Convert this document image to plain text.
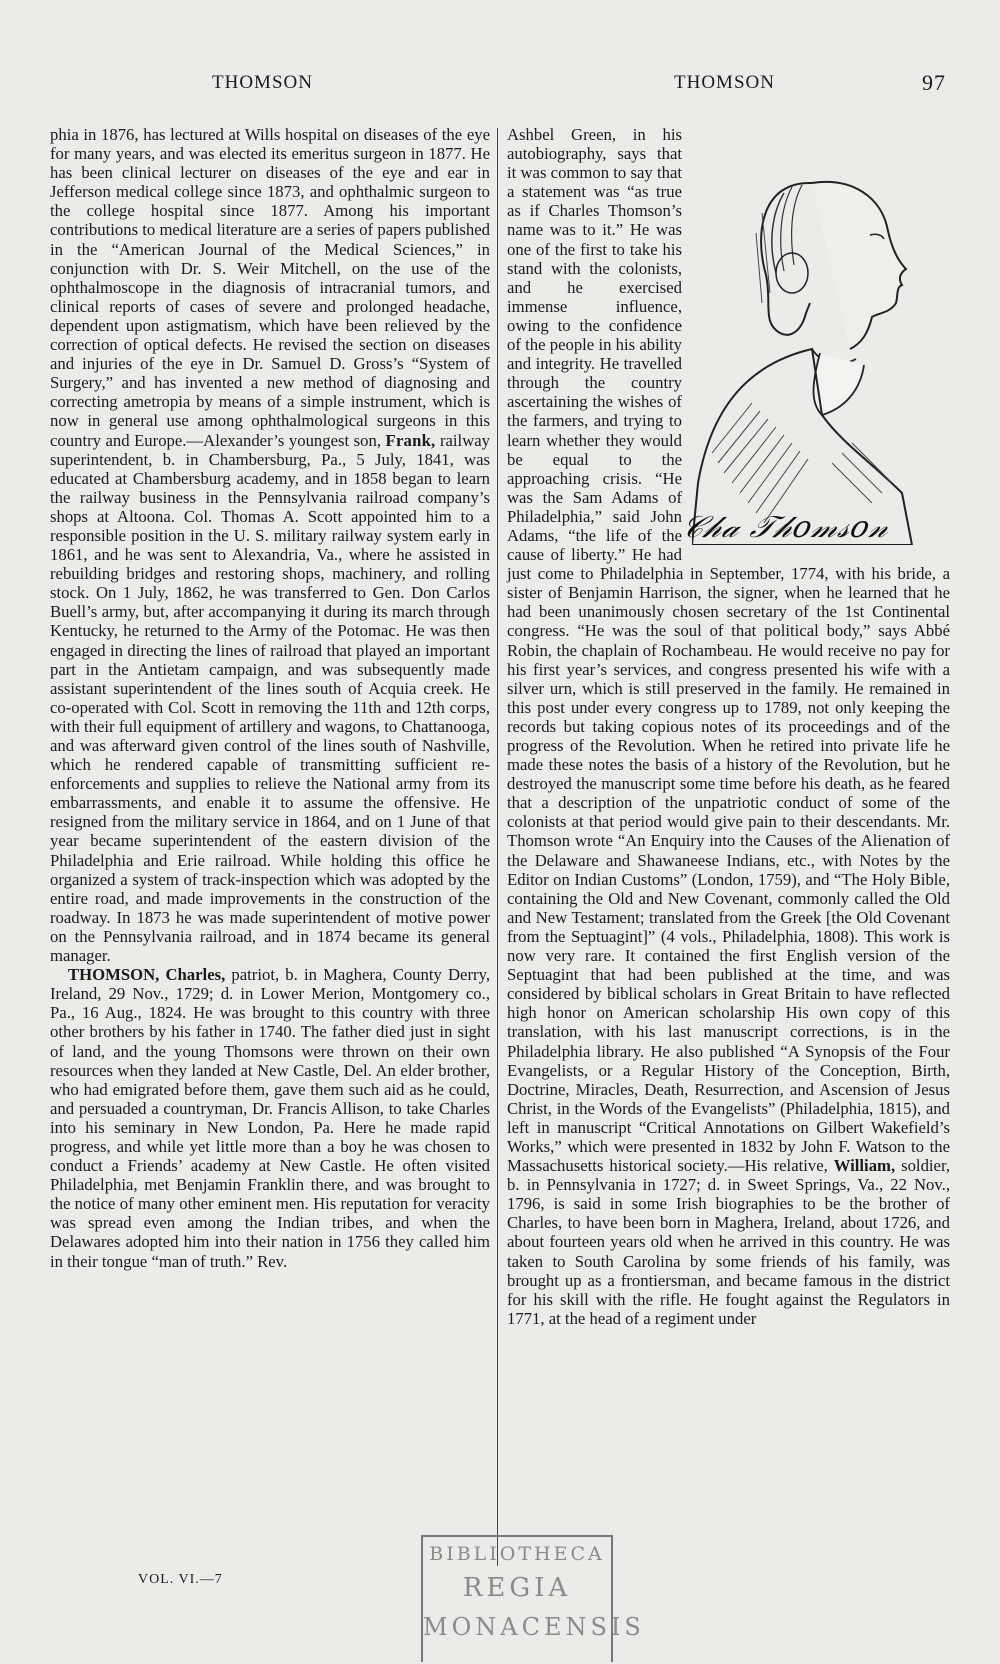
THOMSON	THOMSON	97

phia in 1876, has lectured at Wills hospital on diseases of the eye for many years, and was elected its emeritus surgeon in 1877. He has been clinical lecturer on diseases of the eye and ear in Jefferson medical college since 1873, and ophthalmic surgeon to the college hospital since 1877. Among his important contributions to medical literature are a series of papers published in the “American Journal of the Medical Sciences,” in conjunction with Dr. S. Weir Mitchell, on the use of the ophthalmoscope in the diagnosis of intracranial tumors, and clinical reports of cases of severe and prolonged headache, dependent upon astigmatism, which have been relieved by the correction of optical defects. He revised the section on diseases and injuries of the eye in Dr. Samuel D. Gross’s “System of Surgery,” and has invented a new method of diagnosing and correcting ametropia by means of a simple instrument, which is now in general use among ophthalmological surgeons in this country and Europe.—Alexander’s youngest son, Frank, railway superintendent, b. in Chambersburg, Pa., 5 July, 1841, was educated at Chambersburg academy, and in 1858 began to learn the railway business in the Pennsylvania railroad company’s shops at Altoona. Col. Thomas A. Scott appointed him to a responsible position in the U. S. military railway system early in 1861, and he was sent to Alexandria, Va., where he assisted in rebuilding bridges and restoring shops, machinery, and rolling stock. On 1 July, 1862, he was transferred to Gen. Don Carlos Buell’s army, but, after accompanying it during its march through Kentucky, he returned to the Army of the Potomac. He was then engaged in directing the lines of railroad that played an important part in the Antietam campaign, and was subsequently made assistant superintendent of the lines south of Acquia creek. He co-operated with Col. Scott in removing the 11th and 12th corps, with their full equipment of artillery and wagons, to Chattanooga, and was afterward given control of the lines south of Nashville, which he rendered capable of transmitting sufficient re-enforcements and supplies to relieve the National army from its embarrassments, and enable it to assume the offensive. He resigned from the military service in 1864, and on 1 June of that year became superintendent of the eastern division of the Philadelphia and Erie railroad. While holding this office he organized a system of track-inspection which was adopted by the entire road, and made improvements in the construction of the roadway. In 1873 he was made superintendent of motive power on the Pennsylvania railroad, and in 1874 became its general manager.

THOMSON, Charles, patriot, b. in Maghera, County Derry, Ireland, 29 Nov., 1729; d. in Lower Merion, Montgomery co., Pa., 16 Aug., 1824. He was brought to this country with three other brothers by his father in 1740. The father died just in sight of land, and the young Thomsons were thrown on their own resources when they landed at New Castle, Del. An elder brother, who had emigrated before them, gave them such aid as he could, and persuaded a countryman, Dr. Francis Allison, to take Charles into his seminary in New London, Pa. Here he made rapid progress, and while yet little more than a boy he was chosen to conduct a Friends’ academy at New Castle. He often visited Philadelphia, met Benjamin Franklin there, and was brought to the notice of many other eminent men. His reputation for veracity was spread even among the Indian tribes, and when the Delawares adopted him into their nation in 1756 they called him in their tongue “man of truth.” Rev.

𝒞𝒽𝒶 𝒯𝒽𝑜𝓂𝓈𝑜𝓃

Ashbel Green, in his autobiography, says that it was common to say that a statement was “as true as if Charles Thomson’s name was to it.” He was one of the first to take his stand with the colonists, and he exercised immense influence, owing to the confidence of the people in his ability and integrity. He travelled through the country ascertaining the wishes of the farmers, and trying to learn whether they would be equal to the approaching crisis. “He was the Sam Adams of Philadelphia,” said John Adams, “the life of the cause of liberty.” He had just come to Philadelphia in September, 1774, with his bride, a sister of Benjamin Harrison, the signer, when he learned that he had been unanimously chosen secretary of the 1st Continental congress. “He was the soul of that political body,” says Abbé Robin, the chaplain of Rochambeau. He would receive no pay for his first year’s services, and congress presented his wife with a silver urn, which is still preserved in the family. He remained in this post under every congress up to 1789, not only keeping the records but taking copious notes of its proceedings and of the progress of the Revolution. When he retired into private life he made these notes the basis of a history of the Revolution, but he destroyed the manuscript some time before his death, as he feared that a description of the unpatriotic conduct of some of the colonists at that period would give pain to their descendants. Mr. Thomson wrote “An Enquiry into the Causes of the Alienation of the Delaware and Shawaneese Indians, etc., with Notes by the Editor on Indian Customs” (London, 1759), and “The Holy Bible, containing the Old and New Covenant, commonly called the Old and New Testament; translated from the Greek [the Old Covenant from the Septuagint]” (4 vols., Philadelphia, 1808). This work is now very rare. It contained the first English version of the Septuagint that had been published at the time, and was considered by biblical scholars in Great Britain to have reflected high honor on American scholarship His own copy of this translation, with his last manuscript corrections, is in the Philadelphia library. He also published “A Synopsis of the Four Evangelists, or a Regular History of the Conception, Birth, Doctrine, Miracles, Death, Resurrection, and Ascension of Jesus Christ, in the Words of the Evangelists” (Philadelphia, 1815), and left in manuscript “Critical Annotations on Gilbert Wakefield’s Works,” which were presented in 1832 by John F. Watson to the Massachusetts historical society.—His relative, William, soldier, b. in Pennsylvania in 1727; d. in Sweet Springs, Va., 22 Nov., 1796, is said in some Irish biographies to be the brother of Charles, to have been born in Maghera, Ireland, about 1726, and about fourteen years old when he arrived in this country. He was taken to South Carolina by some friends of his family, was brought up as a frontiersman, and became famous in the district for his skill with the rifle. He fought against the Regulators in 1771, at the head of a regiment under

VOL. VI.—7
BIBLIOTHECA
REGIA
MONACENSIS
